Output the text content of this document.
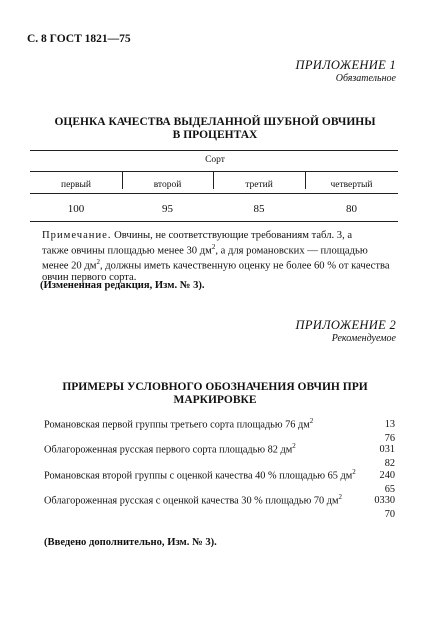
С. 8 ГОСТ 1821—75
ПРИЛОЖЕНИЕ 1
Обязательное
ОЦЕНКА КАЧЕСТВА ВЫДЕЛАННОЙ ШУБНОЙ ОВЧИНЫ
В ПРОЦЕНТАХ
Сорт
первый	второй	третий	четвертый
100	95	85	80
Примечание. Овчины, не соответствующие требованиям табл. 3, а
также овчины площадью менее 30 $дм^2$, а для романовских — площадью
менее 20 $дм^2$, должны иметь качественную оценку не более 60 % от качества
овчин первого сорта.
(Измененная редакция, Изм. № 3).
ПРИЛОЖЕНИЕ 2
Рекомендуемое
ПРИМЕРЫ УСЛОВНОГО ОБОЗНАЧЕНИЯ ОВЧИН ПРИ
МАРКИРОВКЕ
Романовская первой группы третьего сорта площадью 76 $дм^2$	13
76
Облагороженная русская первого сорта площадью 82 $дм^2$	031
82
Романовская второй группы с оценкой качества 40 % площадью 65 $дм^2$	240
65
Облагороженная русская с оценкой качества 30 % площадью 70 $дм^2$	0330
70
(Введено дополнительно, Изм. № 3).
